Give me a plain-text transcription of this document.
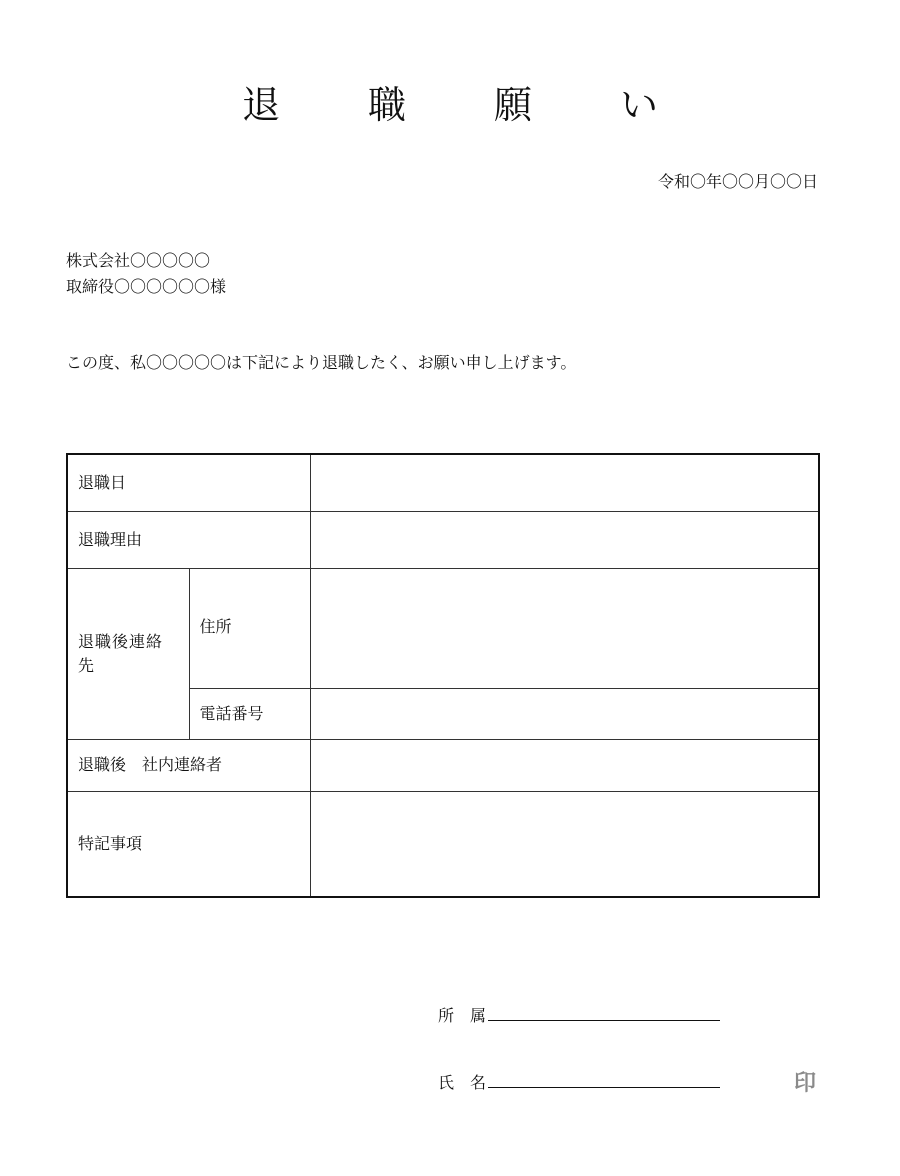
退 職 願 い
令和〇年〇〇月〇〇日
株式会社〇〇〇〇〇
取締役〇〇〇〇〇〇様
この度、私〇〇〇〇〇は下記により退職したく、お願い申し上げます。
退職日		
退職理由		
退職後連絡先	住所	
	電話番号	
退職後　社内連絡者		
特記事項		
所　属
氏　名	印
